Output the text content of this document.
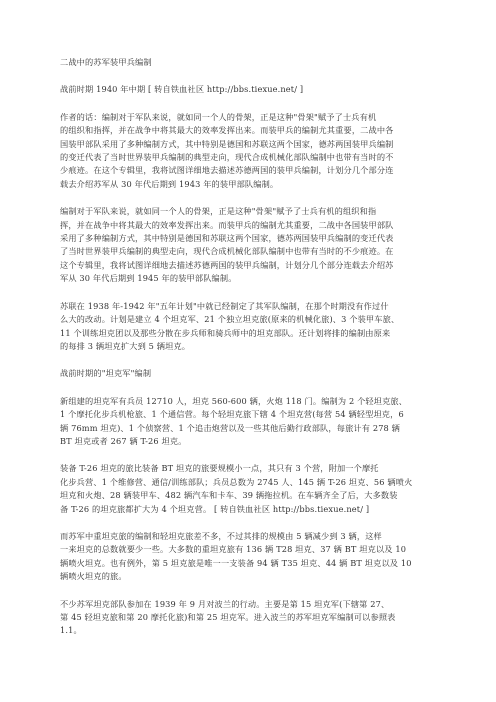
二战中的苏军装甲兵编制

战前时期 1940 年中期 [ 转自铁血社区 http://bbs.tiexue.net/ ]

作者的话：编制对于军队来说，就如同一个人的骨架，正是这种"骨架"赋予了士兵有机

的组织和指挥，并在战争中将其最大的效率发挥出来。而装甲兵的编制尤其重要，二战中各

国装甲部队采用了多种编制方式，其中特别是德国和苏联这两个国家，德苏两国装甲兵编制

的变迁代表了当时世界装甲兵编制的典型走向，现代合成机械化部队编制中也带有当时的不

少痕迹。在这个专辑里，我将试图详细地去描述苏德两国的装甲兵编制，计划分几个部分连

载去介绍苏军从 30 年代后期到 1943 年的装甲部队编制。

编制对于军队来说，就如同一个人的骨架，正是这种"骨架"赋予了士兵有机的组织和指

挥，并在战争中将其最大的效率发挥出来。而装甲兵的编制尤其重要，二战中各国装甲部队

采用了多种编制方式，其中特别是德国和苏联这两个国家，德苏两国装甲兵编制的变迁代表

了当时世界装甲兵编制的典型走向，现代合成机械化部队编制中也带有当时的不少痕迹。在

这个专辑里，我将试图详细地去描述苏德两国的装甲兵编制，计划分几个部分连载去介绍苏

军从 30 年代后期到 1945 年的装甲部队编制。

苏联在 1938 年-1942 年"五年计划"中就已经制定了其军队编制，在那个时期没有作过什

么大的改动。计划是建立 4 个坦克军、21 个独立坦克旅(原来的机械化旅)、3 个装甲车旅、

11 个训练坦克团以及那些分散在步兵师和骑兵师中的坦克部队。还计划将排的编制由原来

的每排 3 辆坦克扩大到 5 辆坦克。

战前时期的"坦克军"编制

新组建的坦克军有兵员 12710 人，坦克 560-600 辆，火炮 118 门。编制为 2 个轻坦克旅、

1 个摩托化步兵机枪旅、1 个通信营。每个轻坦克旅下辖 4 个坦克营(每营 54 辆轻型坦克，6

辆 76mm 坦克)、1 个侦察营、1 个追击炮营以及一些其他后勤行政部队，每旅计有 278 辆

BT 坦克或者 267 辆 T-26 坦克。

装备 T-26 坦克的旅比装备 BT 坦克的旅要规模小一点，其只有 3 个营，附加一个摩托

化步兵营、1 个维修营、通信/训练部队；兵员总数为 2745 人、145 辆 T-26 坦克、56 辆喷火

坦克和火炮、28 辆装甲车、482 辆汽车和卡车、39 辆拖拉机。在车辆齐全了后，大多数装

备 T-26 的坦克旅都扩大为 4 个坦克营。 [ 转自铁血社区 http://bbs.tiexue.net/ ]

而苏军中重坦克旅的编制和轻坦克旅差不多，不过其排的规模由 5 辆减少到 3 辆，这样

一来坦克的总数就要少一些。大多数的重坦克旅有 136 辆 T28 坦克、37 辆 BT 坦克以及 10

辆喷火坦克。也有例外，第 5 坦克旅是唯一一支装备 94 辆 T35 坦克、44 辆 BT 坦克以及 10

辆喷火坦克的旅。

不少苏军坦克部队参加在 1939 年 9 月对波兰的行动。主要是第 15 坦克军(下辖第 27、

第 45 轻坦克旅和第 20 摩托化旅)和第 25 坦克军。进入波兰的苏军坦克军编制可以参照表

1.1。
